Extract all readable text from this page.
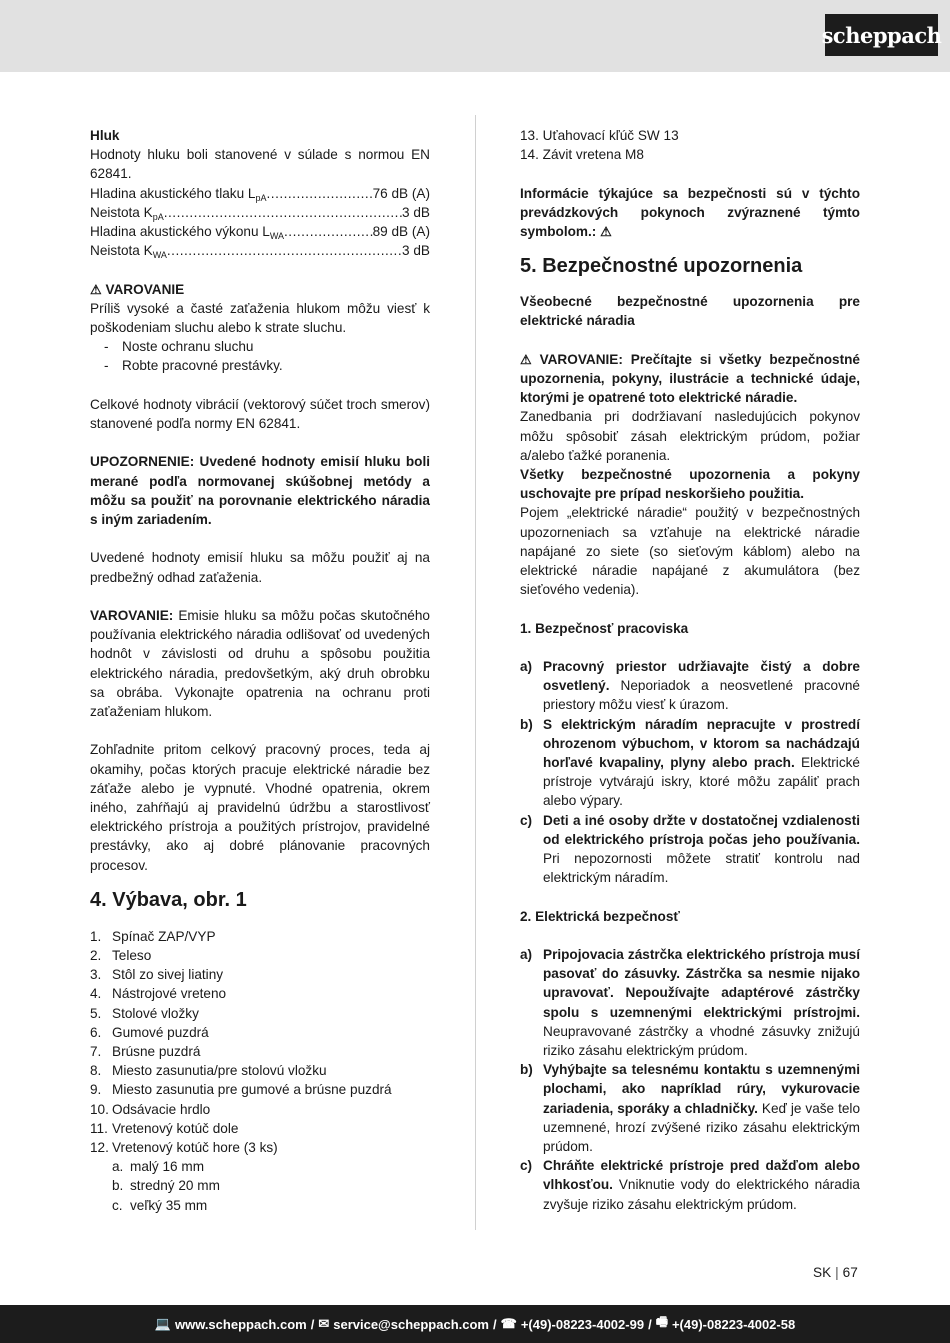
scheppach
Hluk
Hodnoty hluku boli stanovené v súlade s normou EN 62841.
Hladina akustického tlaku $L_{pA}$ .....	76 dB (A)
Neistota $K_{pA}$ .....	3 dB
Hladina akustického výkonu $L_{WA}$ .....	89 dB (A)
Neistota $K_{WA}$ .....	3 dB
⚠ VAROVANIE
Príliš vysoké a časté zaťaženia hlukom môžu viesť k poškodeniam sluchu alebo k strate sluchu.
- Noste ochranu sluchu
- Robte pracovné prestávky.
Celkové hodnoty vibrácií (vektorový súčet troch smerov) stanovené podľa normy EN 62841.
UPOZORNENIE: Uvedené hodnoty emisií hluku boli merané podľa normovanej skúšobnej metódy a môžu sa použiť na porovnanie elektrického náradia s iným zariadením.
Uvedené hodnoty emisií hluku sa môžu použiť aj na predbežný odhad zaťaženia.
VAROVANIE: Emisie hluku sa môžu počas skutočného používania elektrického náradia odlišovať od uvedených hodnôt v závislosti od druhu a spôsobu použitia elektrického náradia, predovšetkým, aký druh obrobku sa obrába. Vykonajte opatrenia na ochranu proti zaťaženiam hlukom.
Zohľadnite pritom celkový pracovný proces, teda aj okamihy, počas ktorých pracuje elektrické náradie bez záťaže alebo je vypnuté. Vhodné opatrenia, okrem iného, zahŕňajú aj pravidelnú údržbu a starostlivosť elektrického prístroja a použitých prístrojov, pravidelné prestávky, ako aj dobré plánovanie pracovných procesov.
4. Výbava, obr. 1
1. Spínač ZAP/VYP
2. Teleso
3. Stôl zo sivej liatiny
4. Nástrojové vreteno
5. Stolové vložky
6. Gumové puzdrá
7. Brúsne puzdrá
8. Miesto zasunutia/pre stolovú vložku
9. Miesto zasunutia pre gumové a brúsne puzdrá
10. Odsávacie hrdlo
11. Vretenový kotúč dole
12. Vretenový kotúč hore (3 ks)
a. malý 16 mm
b. stredný 20 mm
c. veľký 35 mm
13. Uťahovací kľúč SW 13
14. Závit vretena M8
Informácie týkajúce sa bezpečnosti sú v týchto prevádzkových pokynoch zvýraznené týmto symbolom.: ⚠
5. Bezpečnostné upozornenia
Všeobecné bezpečnostné upozornenia pre elektrické náradia
⚠ VAROVANIE: Prečítajte si všetky bezpečnostné upozornenia, pokyny, ilustrácie a technické údaje, ktorými je opatrené toto elektrické náradie.
Zanedbania pri dodržiavaní nasledujúcich pokynov môžu spôsobiť zásah elektrickým prúdom, požiar a/alebo ťažké poranenia.
Všetky bezpečnostné upozornenia a pokyny uschovajte pre prípad neskoršieho použitia.
Pojem „elektrické náradie“ použitý v bezpečnostných upozorneniach sa vzťahuje na elektrické náradie napájané zo siete (so sieťovým káblom) alebo na elektrické náradie napájané z akumulátora (bez sieťového vedenia).
1. Bezpečnosť pracoviska
a) Pracovný priestor udržiavajte čistý a dobre osvetlený. Neporiadok a neosvetlené pracovné priestory môžu viesť k úrazom.
b) S elektrickým náradím nepracujte v prostredí ohrozenom výbuchom, v ktorom sa nachádzajú horľavé kvapaliny, plyny alebo prach. Elektrické prístroje vytvárajú iskry, ktoré môžu zapáliť prach alebo výpary.
c) Deti a iné osoby držte v dostatočnej vzdialenosti od elektrického prístroja počas jeho používania. Pri nepozornosti môžete stratiť kontrolu nad elektrickým náradím.
2. Elektrická bezpečnosť
a) Pripojovacia zástrčka elektrického prístroja musí pasovať do zásuvky. Zástrčka sa nesmie nijako upravovať. Nepoužívajte adaptérové zástrčky spolu s uzemnenými elektrickými prístrojmi. Neupravované zástrčky a vhodné zásuvky znižujú riziko zásahu elektrickým prúdom.
b) Vyhýbajte sa telesnému kontaktu s uzemnenými plochami, ako napríklad rúry, vykurovacie zariadenia, sporáky a chladničky. Keď je vaše telo uzemnené, hrozí zvýšené riziko zásahu elektrickým prúdom.
c) Chráňte elektrické prístroje pred dažďom alebo vlhkosťou. Vniknutie vody do elektrického náradia zvyšuje riziko zásahu elektrickým prúdom.
SK | 67
💻 www.scheppach.com / ✉ service@scheppach.com / ☎ +(49)-08223-4002-99 / 🖷 +(49)-08223-4002-58
